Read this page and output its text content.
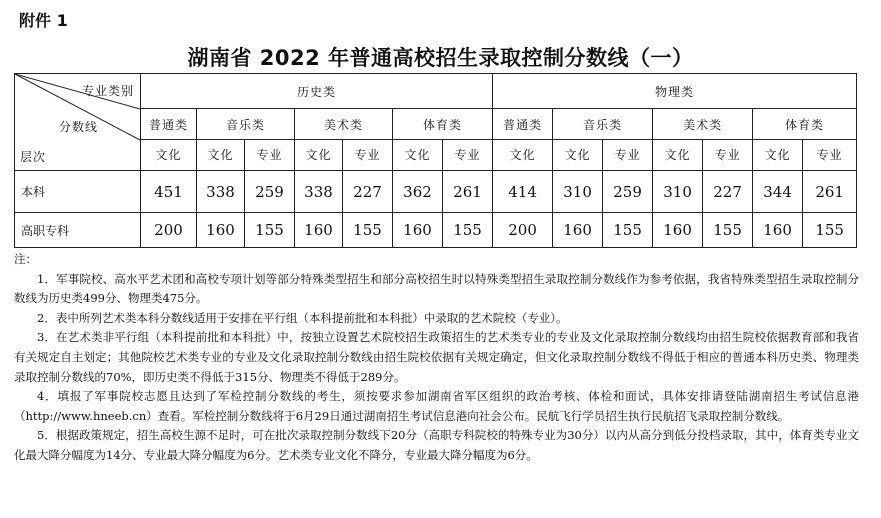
附件 1
湖南省 2022 年普通高校招生录取控制分数线（一）
专业类别
分数线
层次	历史类							物理类						
	普通类	音乐类		美术类		体育类		普通类	音乐类		美术类		体育类	
	文化	文化	专业	文化	专业	文化	专业	文化	文化	专业	文化	专业	文化	专业
本科	451	338	259	338	227	362	261	414	310	259	310	227	344	261
高职专科	200	160	155	160	155	160	155	200	160	155	160	155	160	155

注：

1．军事院校、高水平艺术团和高校专项计划等部分特殊类型招生和部分高校招生时以特殊类型招生录取控制分数线作为参考依据，我省特殊类型招生录取控制分数线为历史类499分、物理类475分。

2．表中所列艺术类本科分数线适用于安排在平行组（本科提前批和本科批）中录取的艺术院校（专业）。

3．在艺术类非平行组（本科提前批和本科批）中，按独立设置艺术院校招生政策招生的艺术类专业的专业及文化录取控制分数线均由招生院校依据教育部和我省有关规定自主划定；其他院校艺术类专业的专业及文化录取控制分数线由招生院校依据有关规定确定，但文化录取控制分数线不得低于相应的普通本科历史类、物理类录取控制分数线的70%，即历史类不得低于315分、物理类不得低于289分。

4．填报了军事院校志愿且达到了军检控制分数线的考生，须按要求参加湖南省军区组织的政治考核、体检和面试，具体安排请登陆湖南招生考试信息港（http://www.hneeb.cn）查看。军检控制分数线将于6月29日通过湖南招生考试信息港向社会公布。民航飞行学员招生执行民航招飞录取控制分数线。

5．根据政策规定，招生高校生源不足时，可在批次录取控制分数线下20分（高职专科院校的特殊专业为30分）以内从高分到低分投档录取，其中，体育类专业文化最大降分幅度为14分、专业最大降分幅度为6分。艺术类专业文化不降分，专业最大降分幅度为6分。
